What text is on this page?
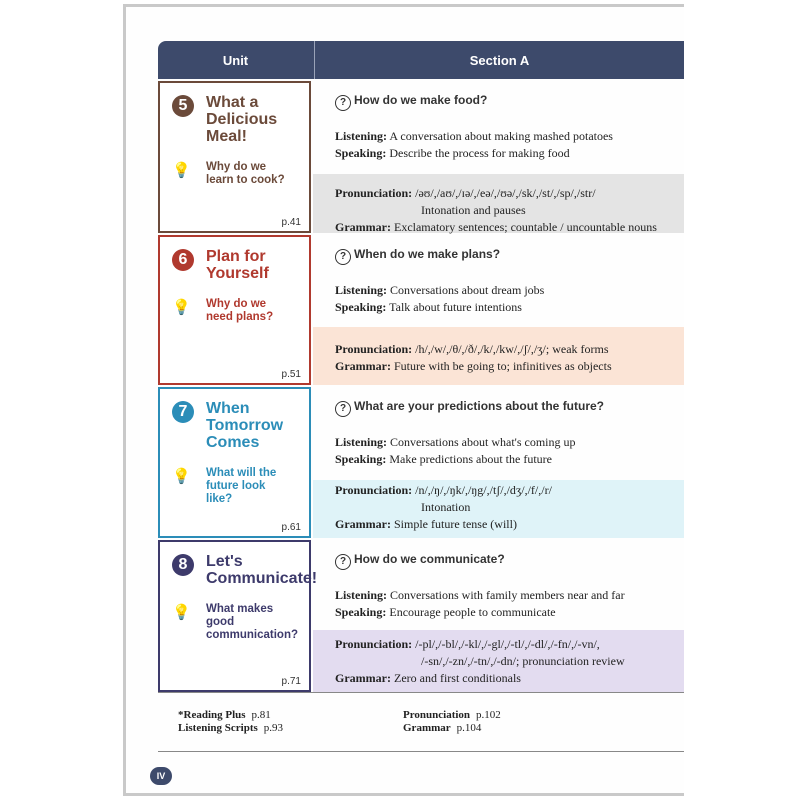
Unit	Section A
5 What a
Delicious
Meal!
💡 Why do we
learn to cook?
p.41
? How do we make food?
Listening: A conversation about making mashed potatoes
Speaking: Describe the process for making food
Pronunciation: /əʊ/,/aʊ/,/ɪə/,/eə/,/ʊə/,/sk/,/st/,/sp/,/str/
Intonation and pauses
Grammar: Exclamatory sentences; countable / uncountable nouns
6 Plan for
Yourself
💡 Why do we
need plans?
p.51
? When do we make plans?
Listening: Conversations about dream jobs
Speaking: Talk about future intentions
Pronunciation: /h/,/w/,/θ/,/ð/,/k/,/kw/,/ʃ/,/ʒ/; weak forms
Grammar: Future with be going to; infinitives as objects
7 When
Tomorrow
Comes
💡 What will the
future look
like?
p.61
? What are your predictions about the future?
Listening: Conversations about what's coming up
Speaking: Make predictions about the future
Pronunciation: /n/,/ŋ/,/ŋk/,/ŋg/,/tʃ/,/dʒ/,/f/,/r/
Intonation
Grammar: Simple future tense (will)
8 Let's
Communicate!
💡 What makes
good
communication?
p.71
? How do we communicate?
Listening: Conversations with family members near and far
Speaking: Encourage people to communicate
Pronunciation: /-pl/,/-bl/,/-kl/,/-gl/,/-tl/,/-dl/,/-fn/,/-vn/,
/-sn/,/-zn/,/-tn/,/-dn/; pronunciation review
Grammar: Zero and first conditionals
*Reading Plus p.81
Listening Scripts p.93
Pronunciation p.102
Grammar p.104
IV
